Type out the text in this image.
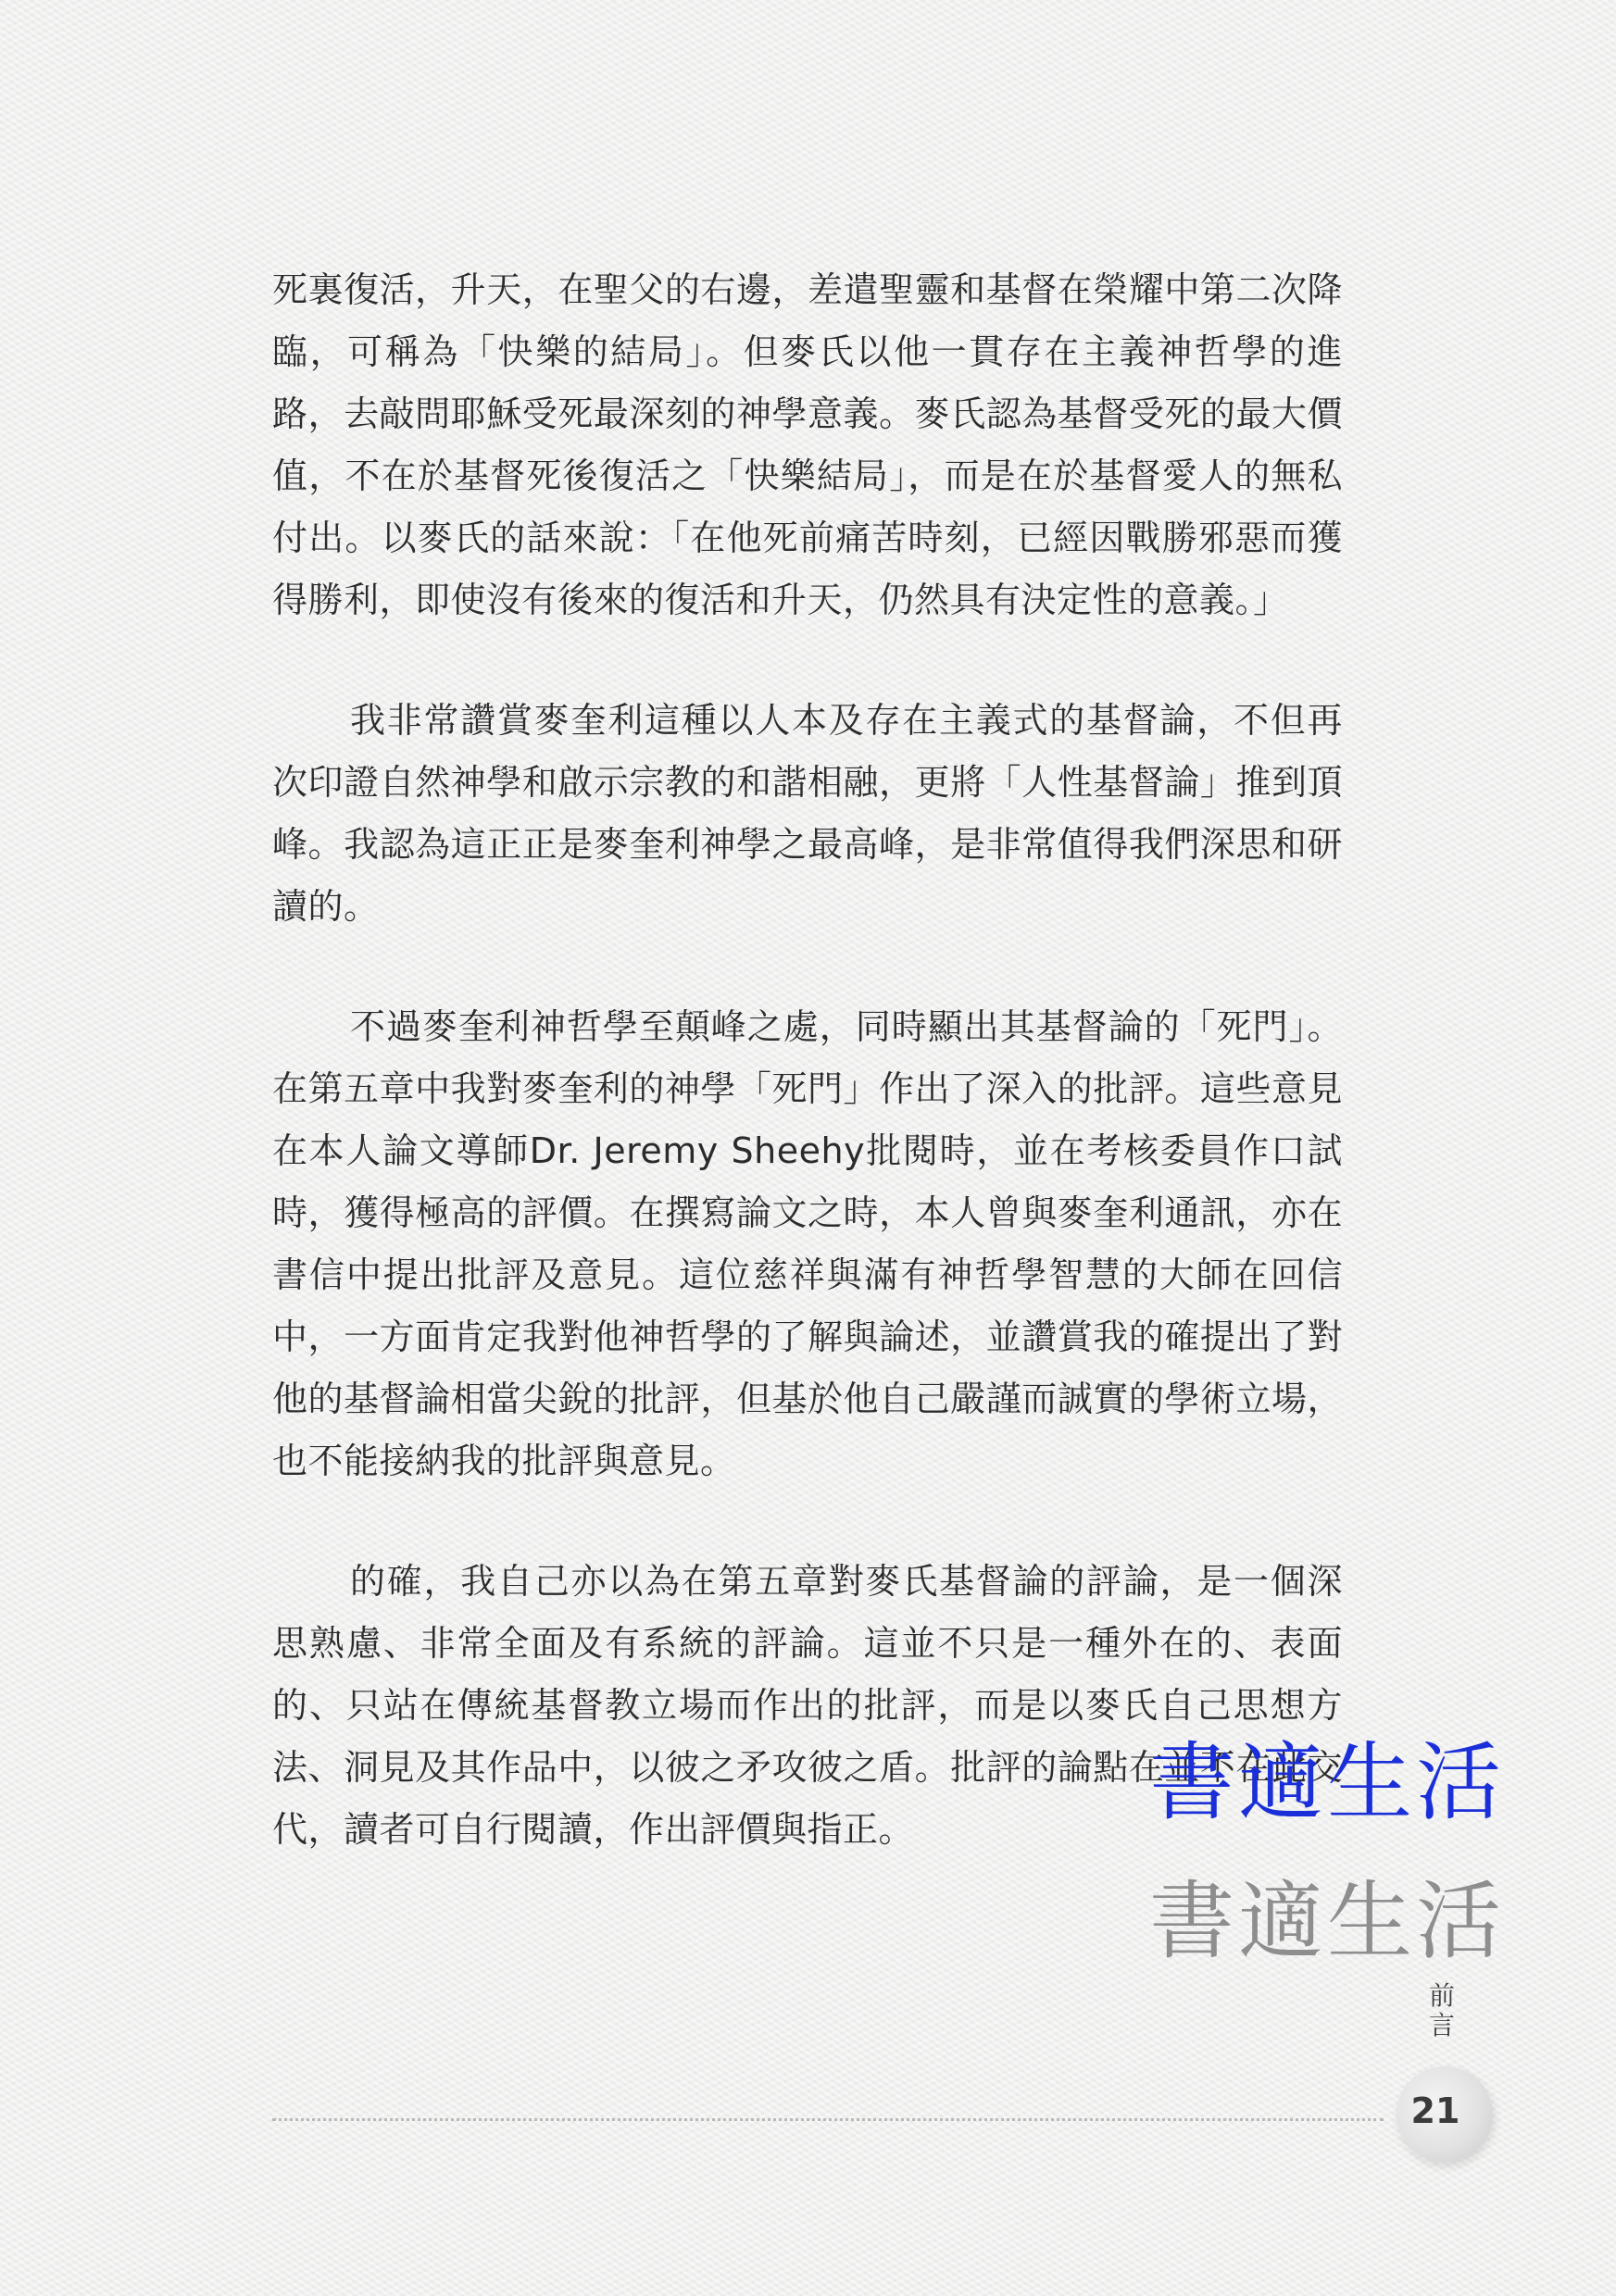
死裏復活，升天，在聖父的右邊，差遣聖靈和基督在榮耀中第二次降臨，可稱為「快樂的結局」。但麥氏以他一貫存在主義神哲學的進路，去敲問耶穌受死最深刻的神學意義。麥氏認為基督受死的最大價值，不在於基督死後復活之「快樂結局」，而是在於基督愛人的無私付出。以麥氏的話來說：「在他死前痛苦時刻，已經因戰勝邪惡而獲得勝利，即使沒有後來的復活和升天，仍然具有決定性的意義。」

我非常讚賞麥奎利這種以人本及存在主義式的基督論，不但再次印證自然神學和啟示宗教的和諧相融，更將「人性基督論」推到頂峰。我認為這正正是麥奎利神學之最高峰，是非常值得我們深思和研讀的。

不過麥奎利神哲學至顛峰之處，同時顯出其基督論的「死門」。在第五章中我對麥奎利的神學「死門」作出了深入的批評。這些意見在本人論文導師Dr. Jeremy Sheehy批閱時，並在考核委員作口試時，獲得極高的評價。在撰寫論文之時，本人曾與麥奎利通訊，亦在書信中提出批評及意見。這位慈祥與滿有神哲學智慧的大師在回信中，一方面肯定我對他神哲學的了解與論述，並讚賞我的確提出了對他的基督論相當尖銳的批評，但基於他自己嚴謹而誠實的學術立場，也不能接納我的批評與意見。

的確，我自己亦以為在第五章對麥氏基督論的評論，是一個深思熟慮、非常全面及有系統的評論。這並不只是一種外在的、表面的、只站在傳統基督教立場而作出的批評，而是以麥氏自己思想方法、洞見及其作品中，以彼之矛攻彼之盾。批評的論點在並不在此交代，讀者可自行閱讀，作出評價與指正。	書適生活
書適生活
前言
21
